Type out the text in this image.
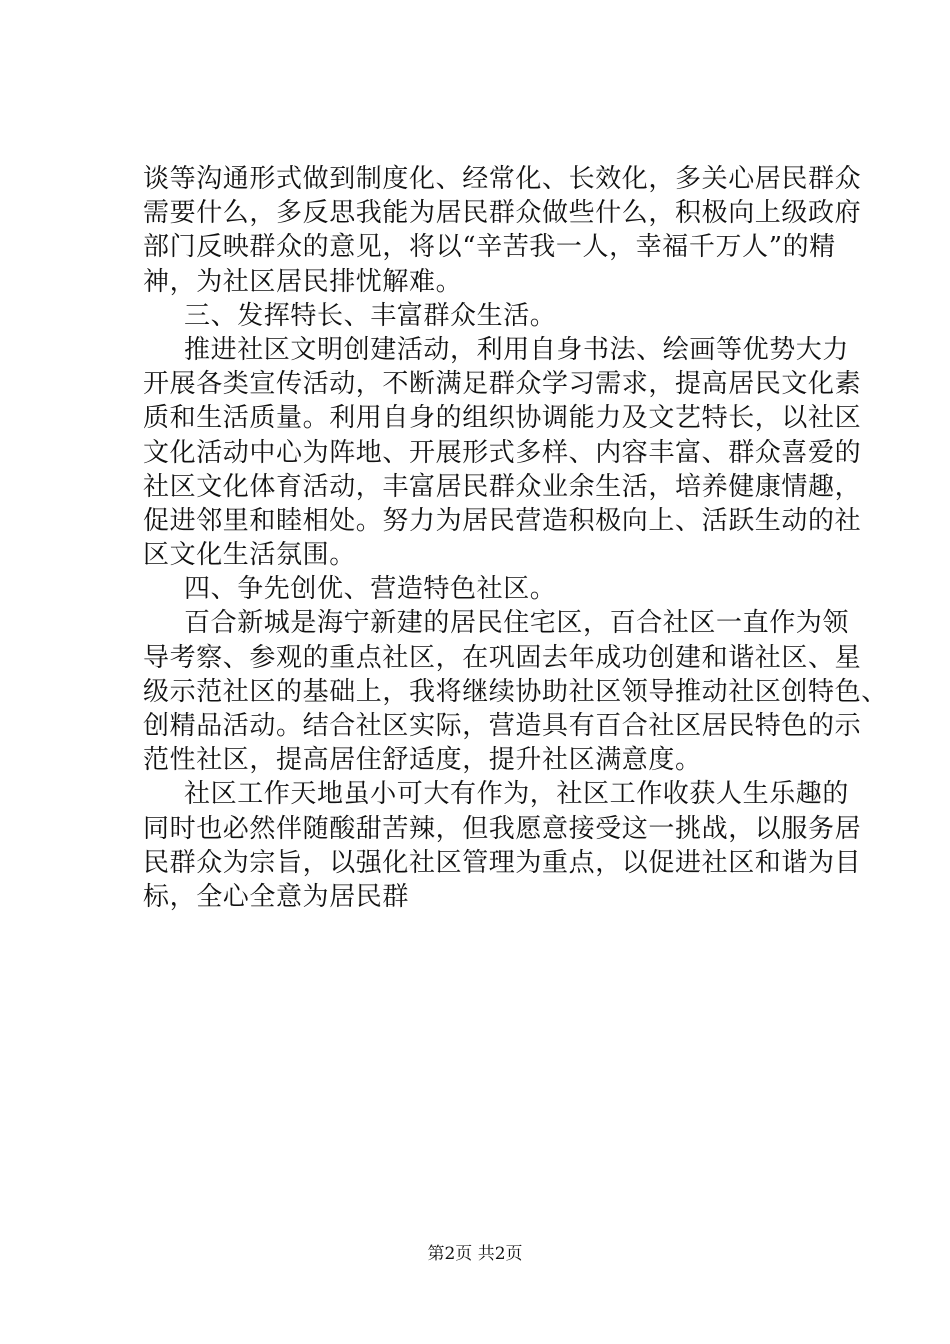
谈等沟通形式做到制度化、经常化、长效化，多关心居民群众
需要什么，多反思我能为居民群众做些什么，积极向上级政府
部门反映群众的意见，将以“辛苦我一人，幸福千万人”的精
神，为社区居民排忧解难。
三、发挥特长、丰富群众生活。
推进社区文明创建活动，利用自身书法、绘画等优势大力
开展各类宣传活动，不断满足群众学习需求，提高居民文化素
质和生活质量。利用自身的组织协调能力及文艺特长，以社区
文化活动中心为阵地、开展形式多样、内容丰富、群众喜爱的
社区文化体育活动，丰富居民群众业余生活，培养健康情趣，
促进邻里和睦相处。努力为居民营造积极向上、活跃生动的社
区文化生活氛围。
四、争先创优、营造特色社区。
百合新城是海宁新建的居民住宅区，百合社区一直作为领
导考察、参观的重点社区，在巩固去年成功创建和谐社区、星
级示范社区的基础上，我将继续协助社区领导推动社区创特色、
创精品活动。结合社区实际，营造具有百合社区居民特色的示
范性社区，提高居住舒适度，提升社区满意度。
社区工作天地虽小可大有作为，社区工作收获人生乐趣的
同时也必然伴随酸甜苦辣，但我愿意接受这一挑战，以服务居
民群众为宗旨，以强化社区管理为重点，以促进社区和谐为目
标，全心全意为居民群
第2页 共2页
